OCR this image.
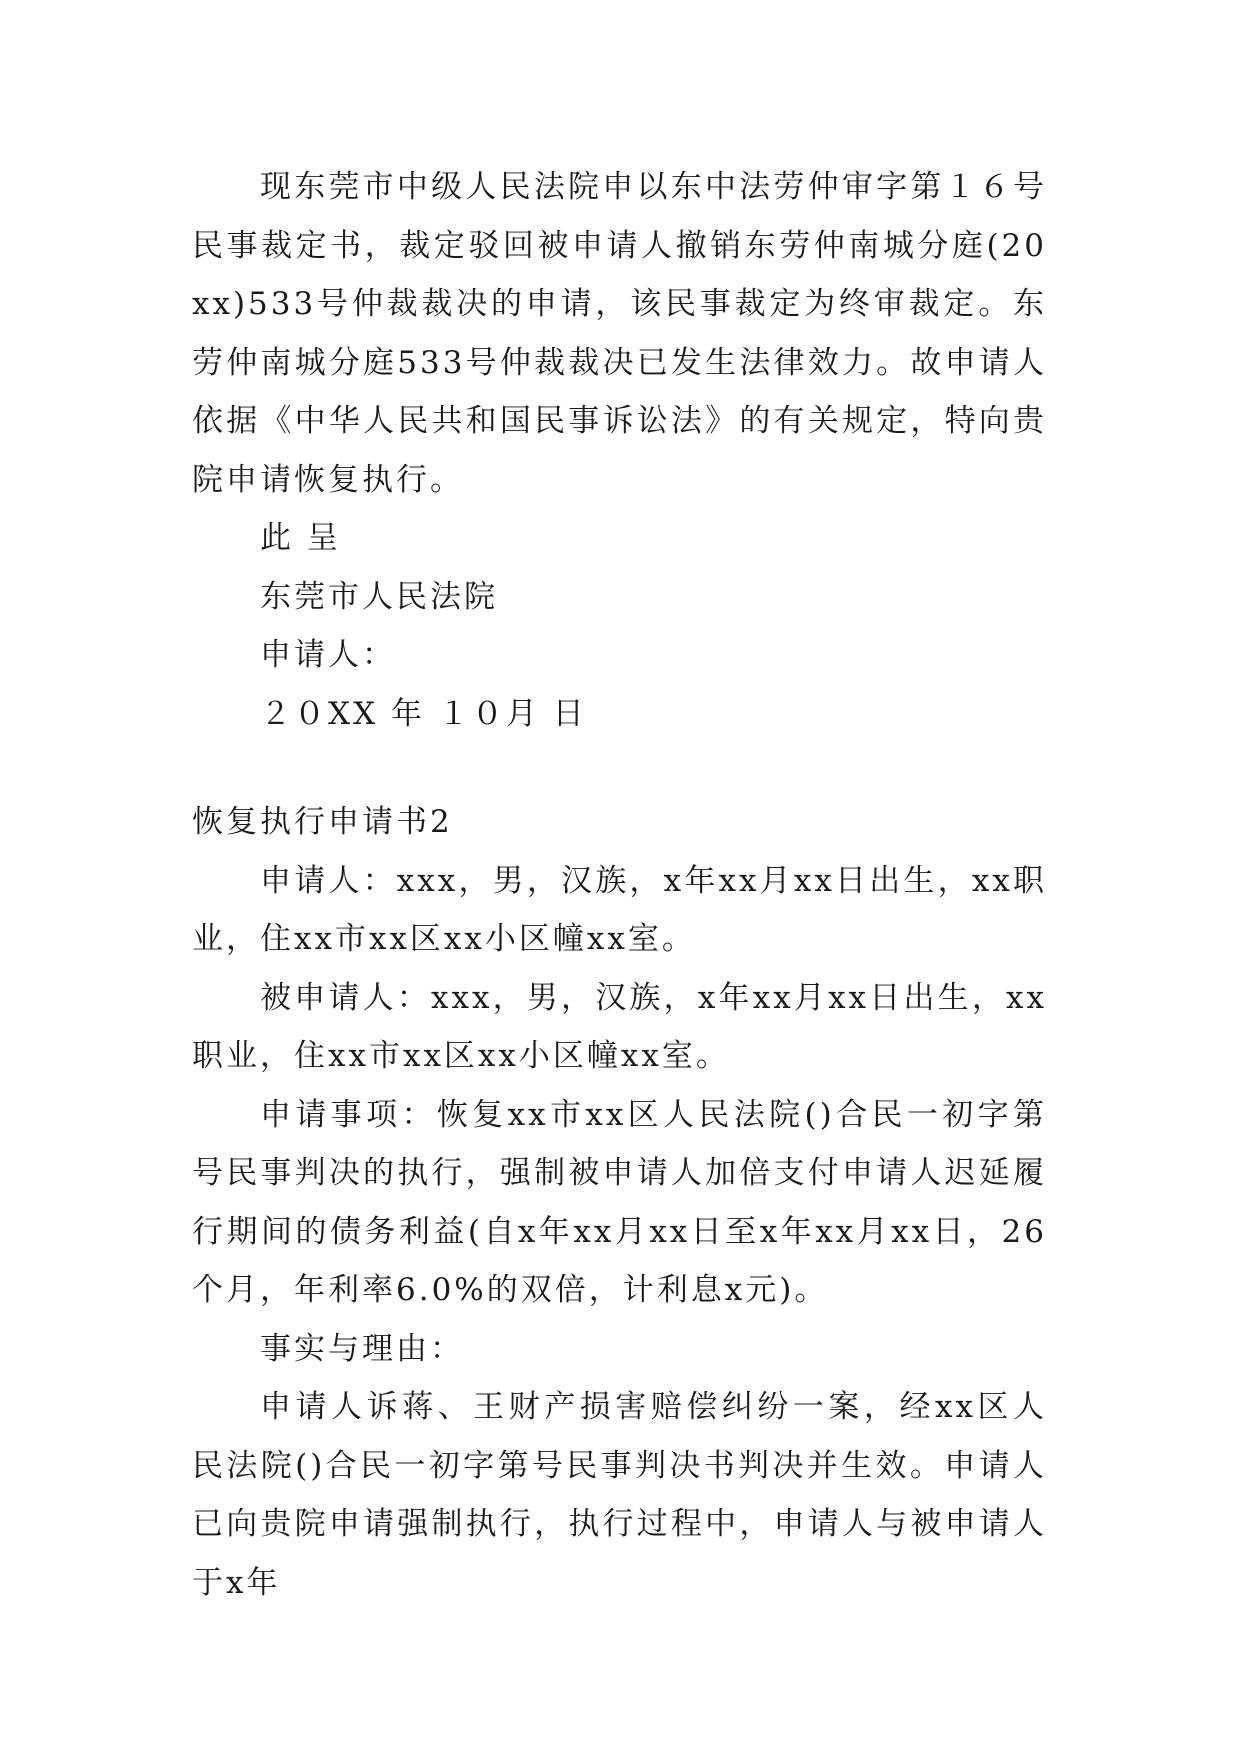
现东莞市中级人民法院申以东中法劳仲审字第１６号民事裁定书，裁定驳回被申请人撤销东劳仲南城分庭(20xx)533号仲裁裁决的申请，该民事裁定为终审裁定。东劳仲南城分庭533号仲裁裁决已发生法律效力。故申请人依据《中华人民共和国民事诉讼法》的有关规定，特向贵院申请恢复执行。

此 呈

东莞市人民法院

申请人：

２０XX 年 １０月 日

恢复执行申请书2

申请人：xxx，男，汉族，x年xx月xx日出生，xx职业，住xx市xx区xx小区幢xx室。

被申请人：xxx，男，汉族，x年xx月xx日出生，xx职业，住xx市xx区xx小区幢xx室。

申请事项：恢复xx市xx区人民法院()合民一初字第号民事判决的执行，强制被申请人加倍支付申请人迟延履行期间的债务利益(自x年xx月xx日至x年xx月xx日，26个月，年利率6.0%的双倍，计利息x元)。

事实与理由：

申请人诉蒋、王财产损害赔偿纠纷一案，经xx区人民法院()合民一初字第号民事判决书判决并生效。申请人已向贵院申请强制执行，执行过程中，申请人与被申请人于x年
